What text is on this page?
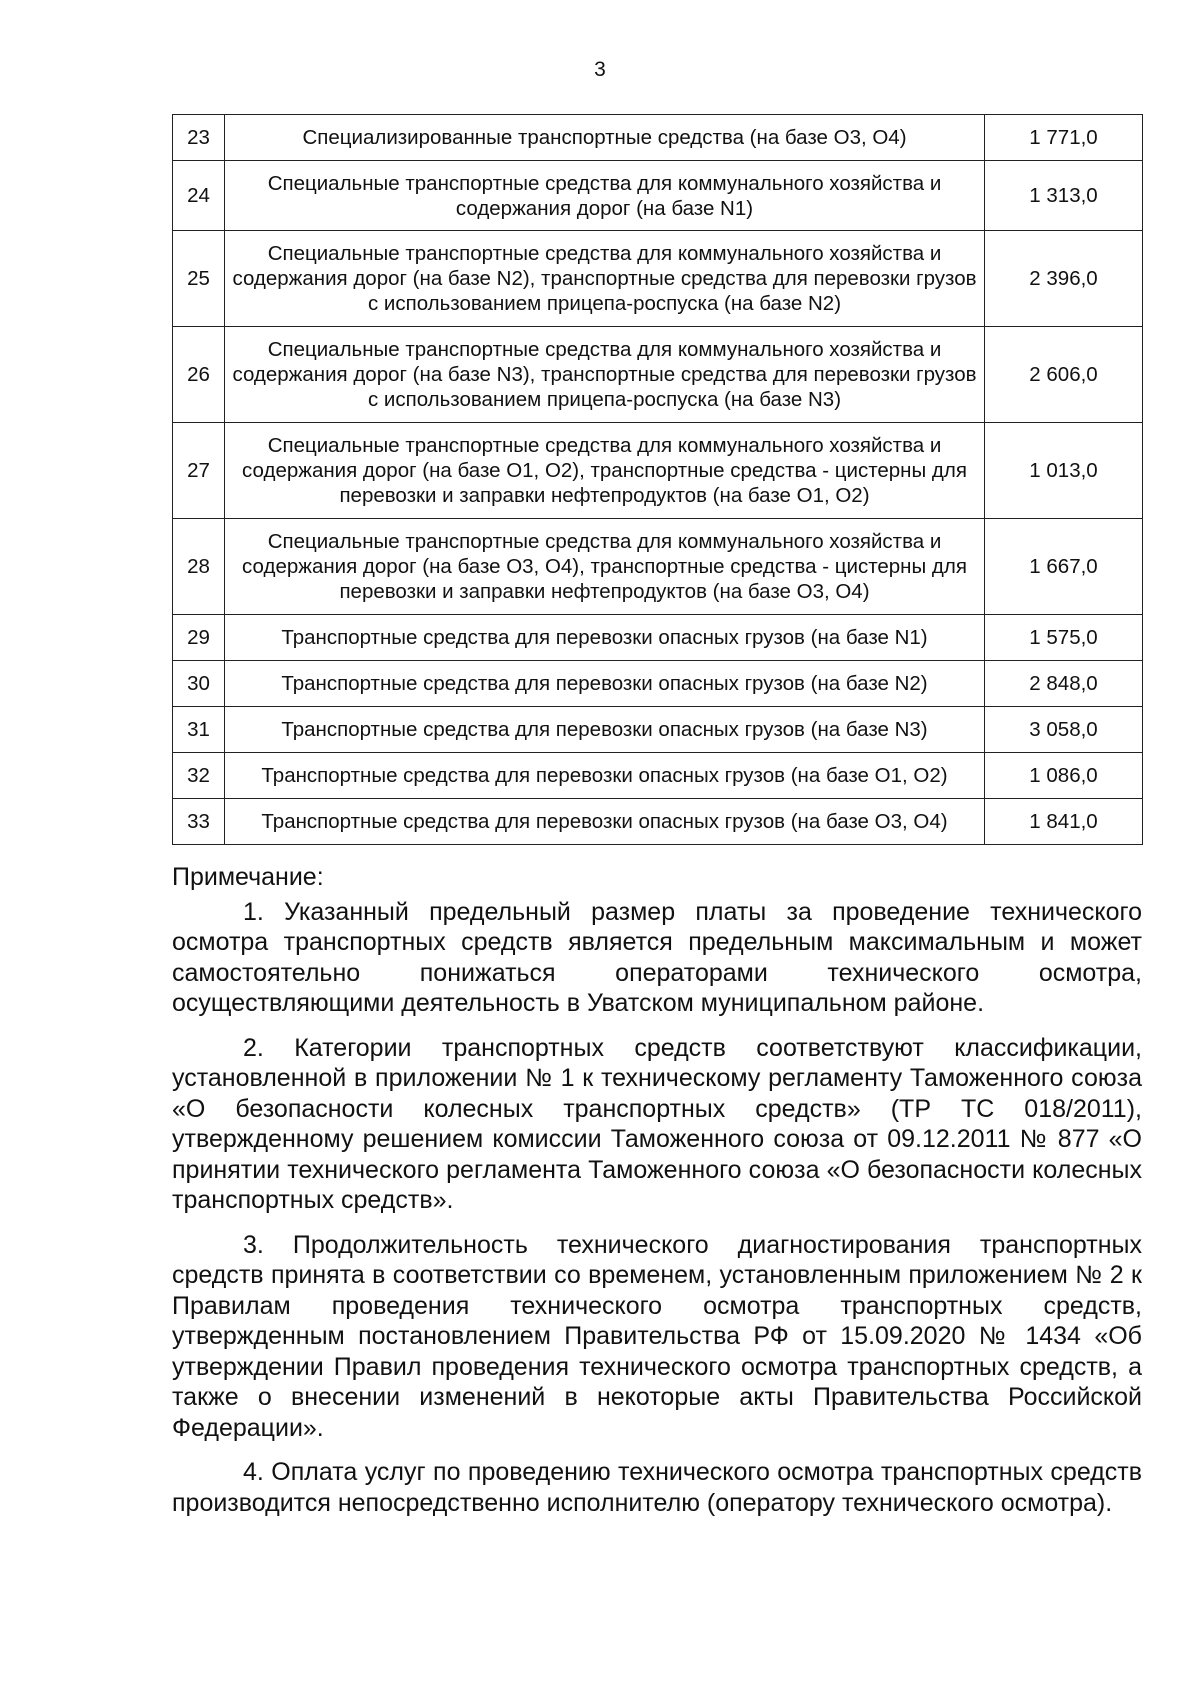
3
23	Специализированные транспортные средства (на базе О3, О4)	1 771,0
24	Специальные транспортные средства для коммунального хозяйства и содержания дорог (на базе N1)	1 313,0
25	Специальные транспортные средства для коммунального хозяйства и содержания дорог (на базе N2), транспортные средства для перевозки грузов с использованием прицепа-роспуска (на базе N2)	2 396,0
26	Специальные транспортные средства для коммунального хозяйства и содержания дорог (на базе N3), транспортные средства для перевозки грузов с использованием прицепа-роспуска (на базе N3)	2 606,0
27	Специальные транспортные средства для коммунального хозяйства и содержания дорог (на базе О1, О2), транспортные средства - цистерны для перевозки и заправки нефтепродуктов (на базе О1, О2)	1 013,0
28	Специальные транспортные средства для коммунального хозяйства и содержания дорог (на базе О3, О4), транспортные средства - цистерны для перевозки и заправки нефтепродуктов (на базе О3, О4)	1 667,0
29	Транспортные средства для перевозки опасных грузов (на базе N1)	1 575,0
30	Транспортные средства для перевозки опасных грузов (на базе N2)	2 848,0
31	Транспортные средства для перевозки опасных грузов (на базе N3)	3 058,0
32	Транспортные средства для перевозки опасных грузов (на базе О1, О2)	1 086,0
33	Транспортные средства для перевозки опасных грузов (на базе О3, О4)	1 841,0

Примечание:

1. Указанный предельный размер платы за проведение технического осмотра транспортных средств является предельным максимальным и может самостоятельно понижаться операторами технического осмотра, осуществляющими деятельность в Уватском муниципальном районе.

2. Категории транспортных средств соответствуют классификации, установленной в приложении № 1 к техническому регламенту Таможенного союза «О безопасности колесных транспортных средств» (ТР ТС 018/2011), утвержденному решением комиссии Таможенного союза от 09.12.2011 № 877 «О принятии технического регламента Таможенного союза «О безопасности колесных транспортных средств».

3. Продолжительность технического диагностирования транспортных средств принята в соответствии со временем, установленным приложением № 2 к Правилам проведения технического осмотра транспортных средств, утвержденным постановлением Правительства РФ от 15.09.2020 № 1434 «Об утверждении Правил проведения технического осмотра транспортных средств, а также о внесении изменений в некоторые акты Правительства Российской Федерации».

4. Оплата услуг по проведению технического осмотра транспортных средств производится непосредственно исполнителю (оператору технического осмотра).
